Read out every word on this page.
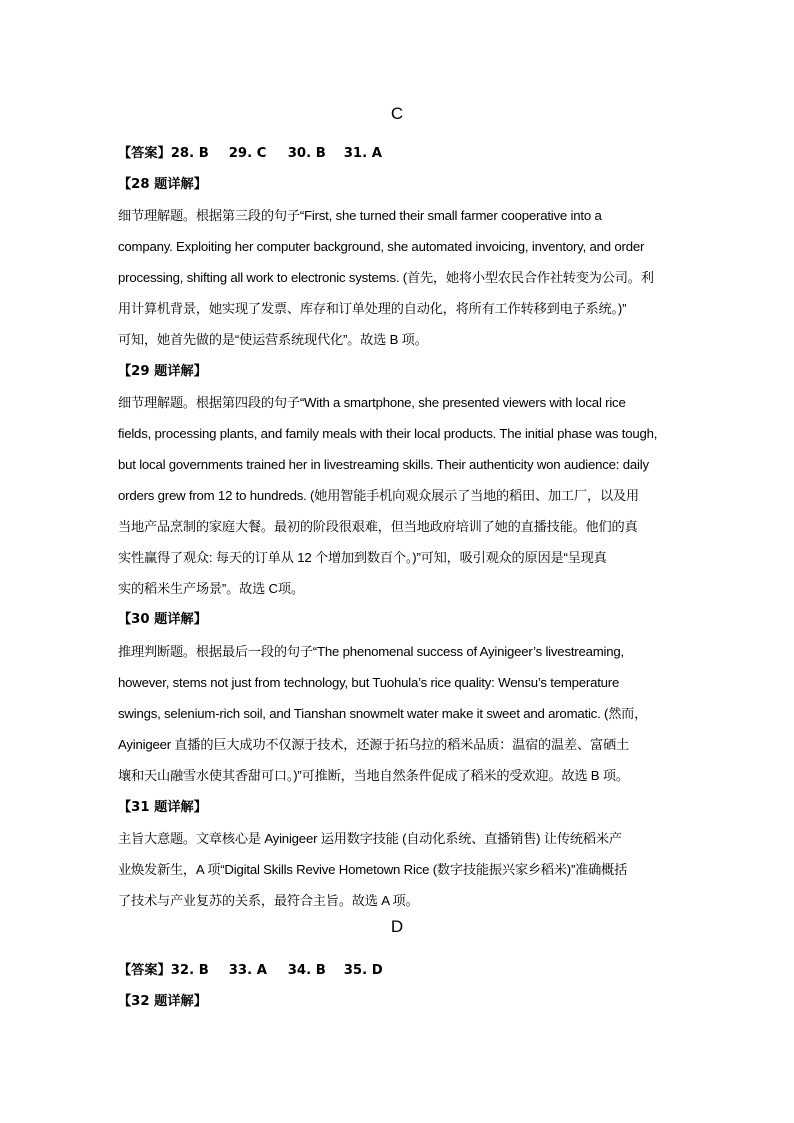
C
【答案】28. B 29. C 30. B 31. A
【28 题详解】
细节理解题。根据第三段的句子“First, she turned their small farmer cooperative into a
company. Exploiting her computer background, she automated invoicing, inventory, and order
processing, shifting all work to electronic systems. (首先，她将小型农民合作社转变为公司。利
用计算机背景，她实现了发票、库存和订单处理的自动化，将所有工作转移到电子系统。)”
可知，她首先做的是“使运营系统现代化”。故选 B 项。
【29 题详解】
细节理解题。根据第四段的句子“With a smartphone, she presented viewers with local rice
fields, processing plants, and family meals with their local products. The initial phase was tough,
but local governments trained her in livestreaming skills. Their authenticity won audience: daily
orders grew from 12 to hundreds. (她用智能手机向观众展示了当地的稻田、加工厂，以及用
当地产品烹制的家庭大餐。最初的阶段很艰难，但当地政府培训了她的直播技能。他们的真
实性赢得了观众: 每天的订单从 12 个增加到数百个。)”可知，吸引观众的原因是“呈现真
实的稻米生产场景”。故选 C项。
【30 题详解】
推理判断题。根据最后一段的句子“The phenomenal success of Ayinigeer’s livestreaming,
however, stems not just from technology, but Tuohula’s rice quality: Wensu’s temperature
swings, selenium-rich soil, and Tianshan snowmelt water make it sweet and aromatic. (然而，
Ayinigeer 直播的巨大成功不仅源于技术，还源于拓乌拉的稻米品质：温宿的温差、富硒土
壤和天山融雪水使其香甜可口。)”可推断，当地自然条件促成了稻米的受欢迎。故选 B 项。
【31 题详解】
主旨大意题。文章核心是 Ayinigeer 运用数字技能 (自动化系统、直播销售) 让传统稻米产
业焕发新生，A 项“Digital Skills Revive Hometown Rice (数字技能振兴家乡稻米)”准确概括
了技术与产业复苏的关系，最符合主旨。故选 A 项。
D
【答案】32. B 33. A 34. B 35. D
【32 题详解】
